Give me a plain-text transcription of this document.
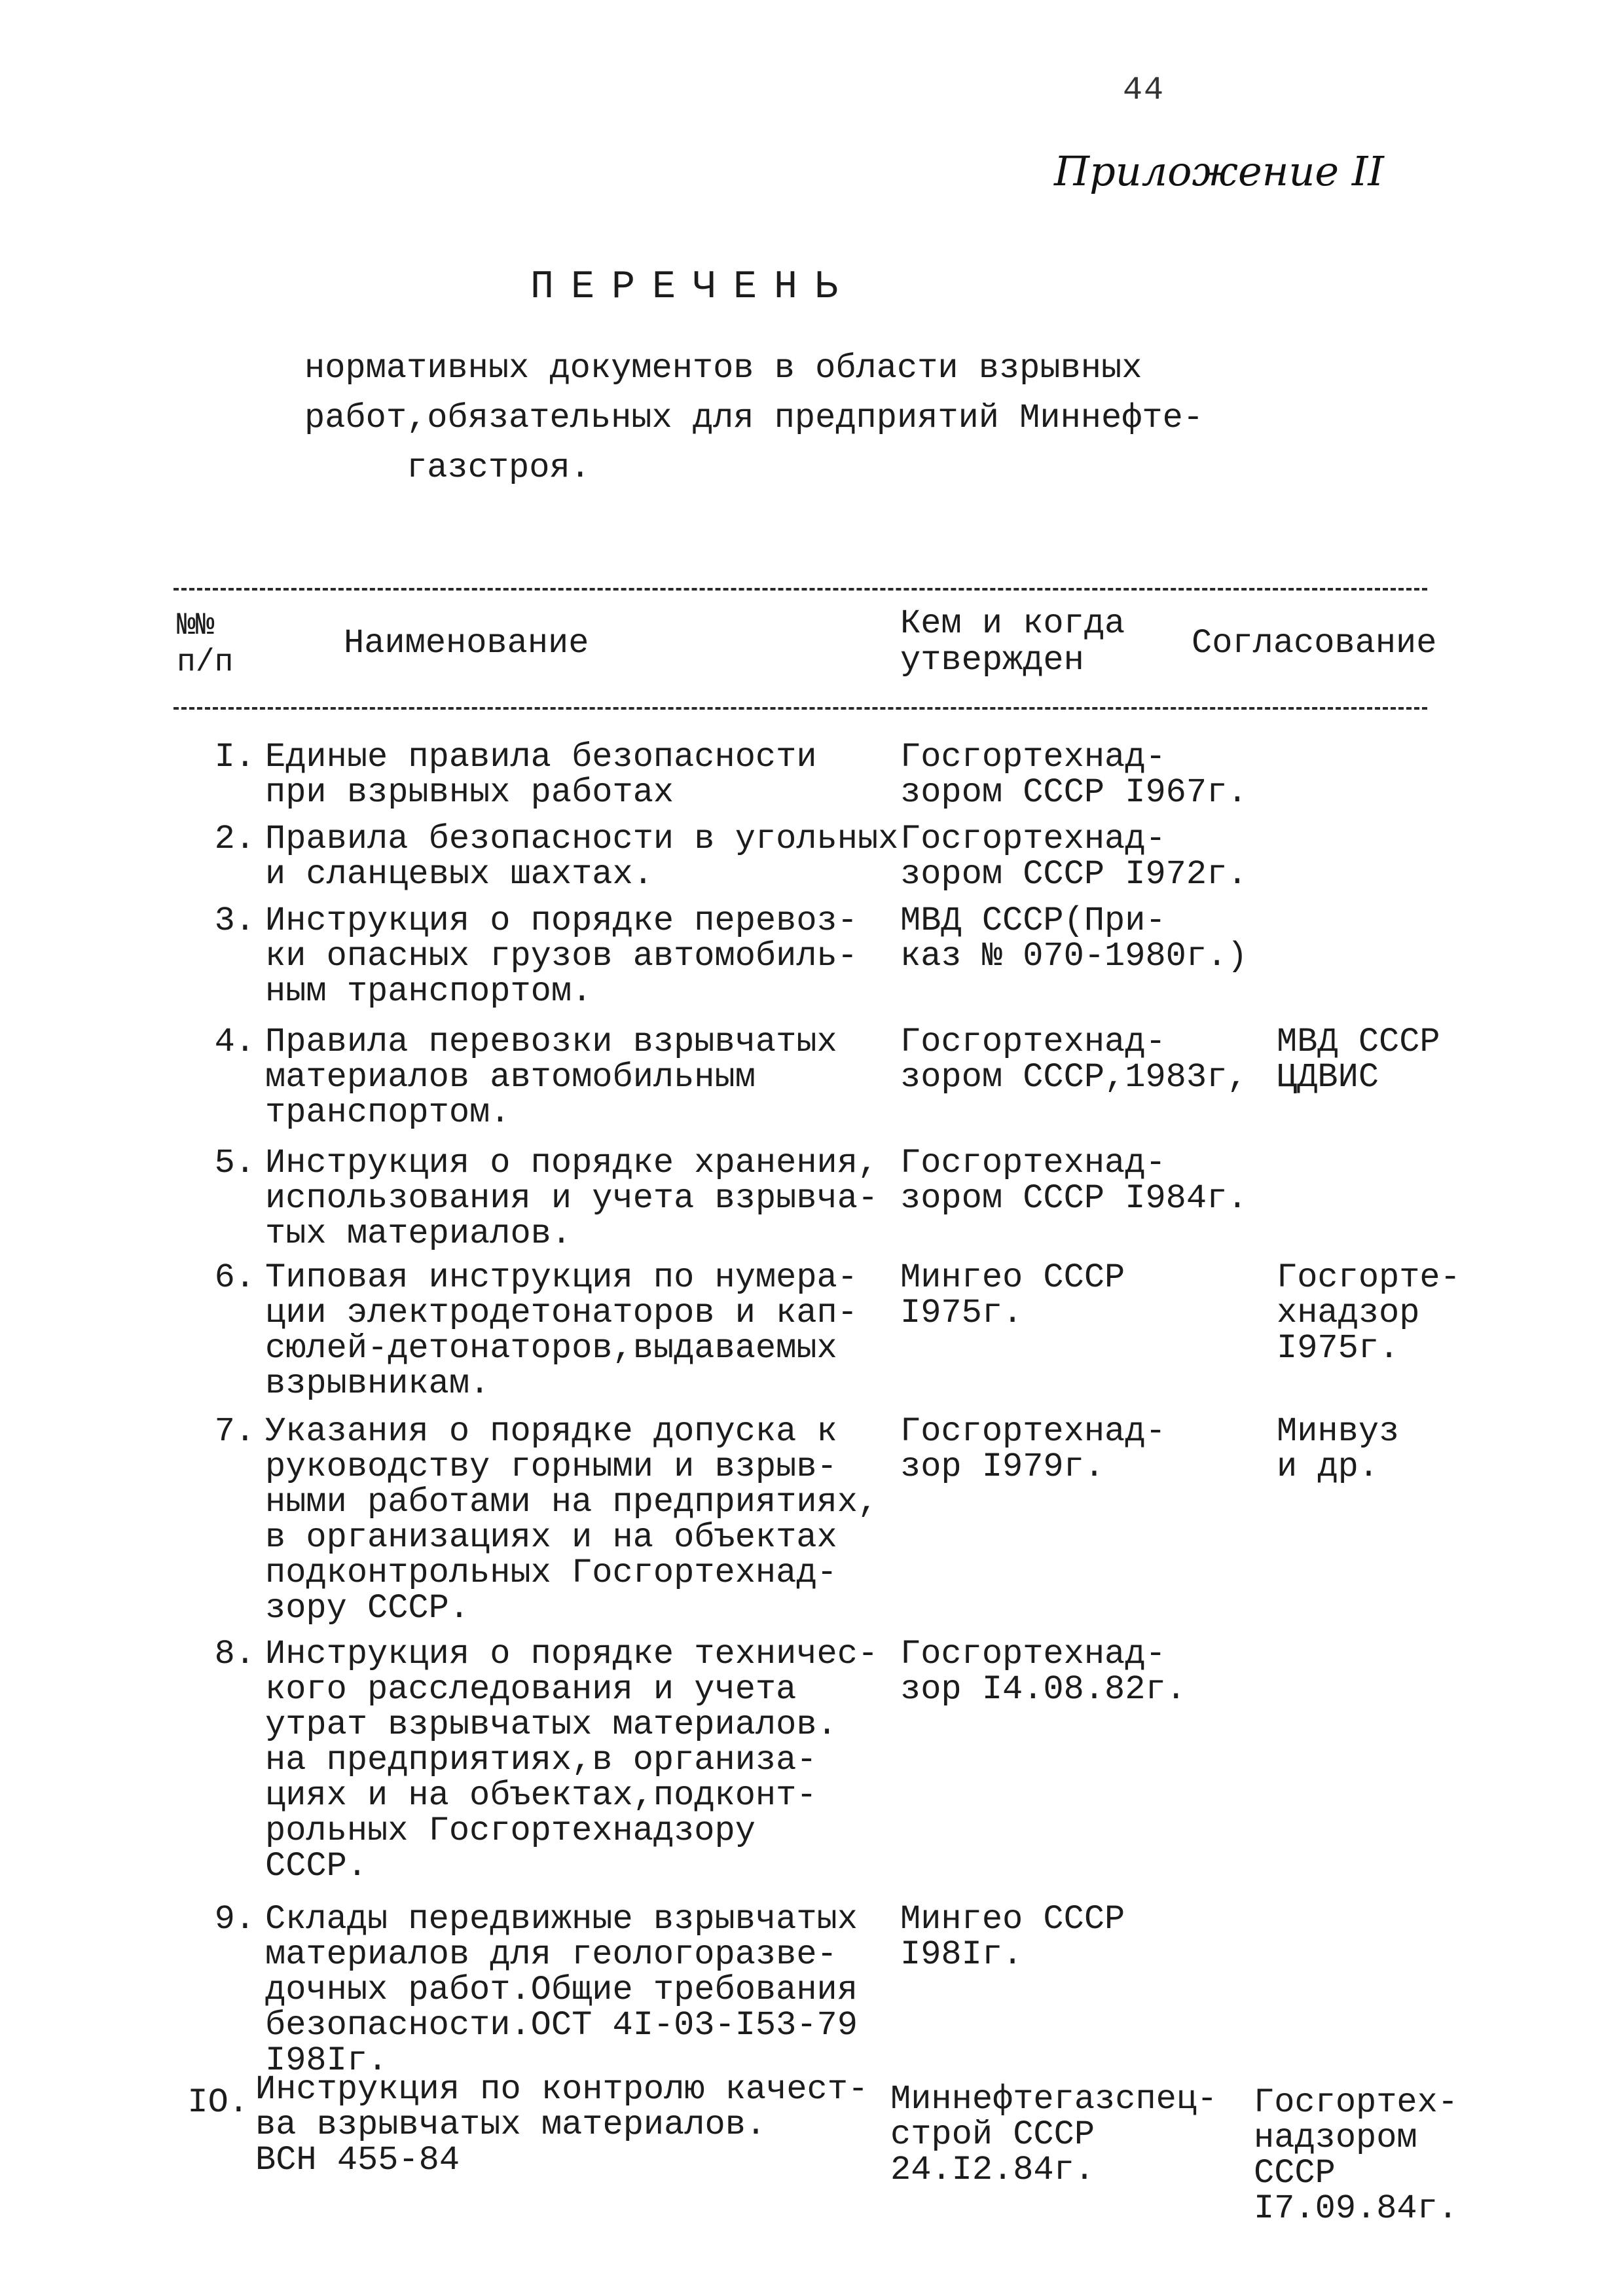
44
Приложение II
ПЕРЕЧЕНЬ
нормативных документов в области взрывных
работ,обязательных для предприятий Миннефте-
газстроя.
№№
п/п	Наименование
Кем и когда
утвержден	Согласование
I. Единые правила безопасности
при взрывных работах
Госгортехнад-
зором СССР I967г.
2. Правила безопасности в угольных
и сланцевых шахтах.
Госгортехнад-
зором СССР I972г.
3. Инструкция о порядке перевоз-
ки опасных грузов автомобиль-
ным транспортом.
МВД СССР(При-
каз № 070-1980г.)
4. Правила перевозки взрывчатых
материалов автомобильным
транспортом.
Госгортехнад-
зором СССР,1983г,
МВД СССР
ЦДВИС
5. Инструкция о порядке хранения,
использования и учета взрывча-
тых материалов.
Госгортехнад-
зором СССР I984г.
6. Типовая инструкция по нумера-
ции электродетонаторов и кап-
сюлей-детонаторов,выдаваемых
взрывникам.
Мингео СССР
I975г.
Госгорте-
хнадзор
I975г.
7. Указания о порядке допуска к
руководству горными и взрыв-
ными работами на предприятиях,
в организациях и на объектах
подконтрольных Госгортехнад-
зору СССР.
Госгортехнад-
зор I979г.
Минвуз
и др.
8. Инструкция о порядке техничес-
кого расследования и учета
утрат взрывчатых материалов.
на предприятиях,в организа-
циях и на объектах,подконт-
рольных Госгортехнадзору
СССР.
Госгортехнад-
зор I4.08.82г.
9. Склады передвижные взрывчатых
материалов для геологоразве-
дочных работ.Общие требования
безопасности.ОСТ 4I-03-I53-79
I98Iг.
Мингео СССР
I98Iг.
IO. Инструкция по контролю качест-
ва взрывчатых материалов.
ВСН 455-84
Миннефтегазспец-
строй СССР
24.I2.84г.
Госгортех-
надзором
СССР
I7.09.84г.
